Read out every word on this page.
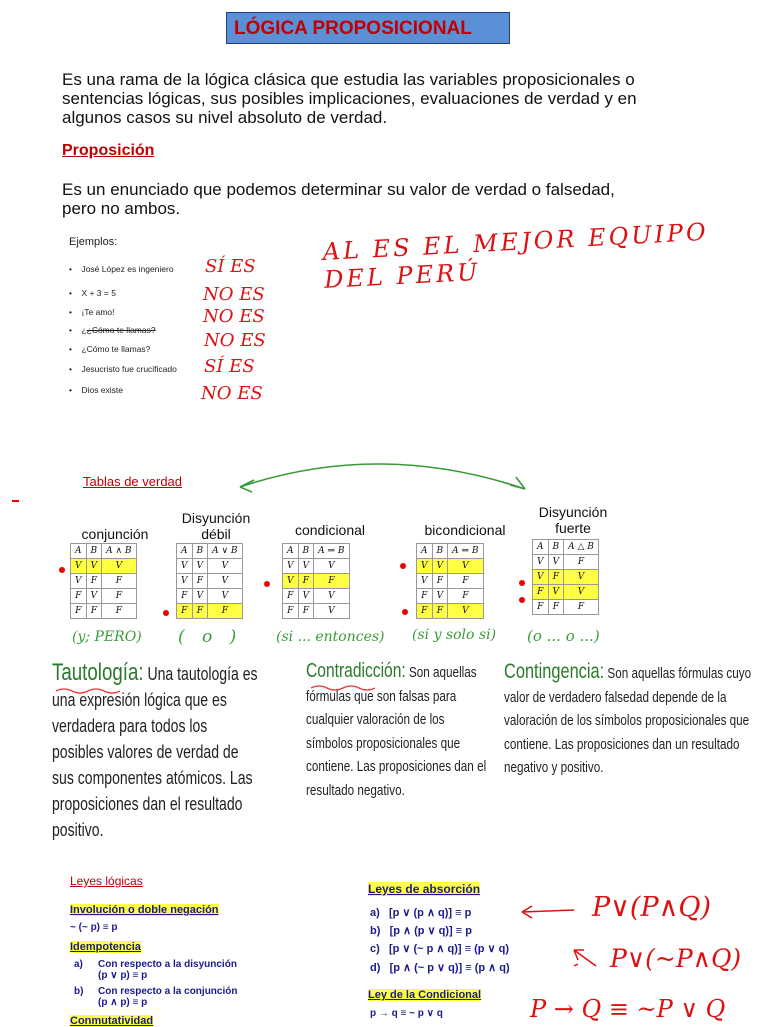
LÓGICA PROPOSICIONAL
Es una rama de la lógica clásica que estudia las variables proposicionales o sentencias lógicas, sus posibles implicaciones, evaluaciones de verdad y en algunos casos su nivel absoluto de verdad.
Proposición
Es un enunciado que podemos determinar su valor de verdad o falsedad, pero no ambos.
Ejemplos:
•    José López es ingeniero
•    X + 3 = 5
•    ¡Te amo!
•    ¿¿Cómo te llamas?
•    ¿Cómo te llamas?
•    Jesucristo fue crucificado
•    Dios existe
SÍ ES
NO ES
NO ES
NO ES
SÍ ES
NO ES
AL ES EL MEJOR EQUIPO DEL PERÚ
Tablas de verdad
conjunción
Disyunción débil	condicional	bicondicional
Disyunción fuerte
A	B	A ∧ B
V	V	V
V	F	F
F	V	F
F	F	F
A	B	A ∨ B
V	V	V
V	F	V
F	V	V
F	F	F
A	B	A ⇒ B
V	V	V
V	F	F
F	V	V
F	F	V
A	B	A ⇔ B
V	V	V
V	F	F
F	V	F
F	F	V
A	B	A △ B
V	V	F
V	F	V
F	V	V
F	F	F
(y; PERO) ( o ) (si ... entonces) (si y solo si) (o ... o ...)
Tautología: Una tautología es una expresión lógica que es verdadera para todos los posibles valores de verdad de sus componentes atómicos. Las proposiciones dan el resultado positivo.
Contradicción: Son aquellas fórmulas que son falsas para cualquier valoración de los símbolos proposicionales que contiene. Las proposiciones dan el resultado negativo.
Contingencia: Son aquellas fórmulas cuyo valor de verdadero falsedad depende de la valoración de los símbolos proposicionales que contiene. Las proposiciones dan un resultado negativo y positivo.
Leyes lógicas
Involución o doble negación
~ (~ p) ≡ p
Idempotencia
a) Con respecto a la disyunción
(p ∨ p) ≡ p
b) Con respecto a la conjunción
(p ∧ p) ≡ p
Conmutatividad
Leyes de absorción
a) [p ∨ (p ∧ q)] ≡ p
b) [p ∧ (p ∨ q)] ≡ p
c) [p ∨ (~ p ∧ q)] ≡ (p ∨ q)
d) [p ∧ (~ p ∨ q)] ≡ (p ∧ q)
Ley de la Condicional
p → q ≡ ~ p ∨ q
P∨(P∧Q)
P∨(~P∧Q)
P → Q ≡ ~P ∨ Q
